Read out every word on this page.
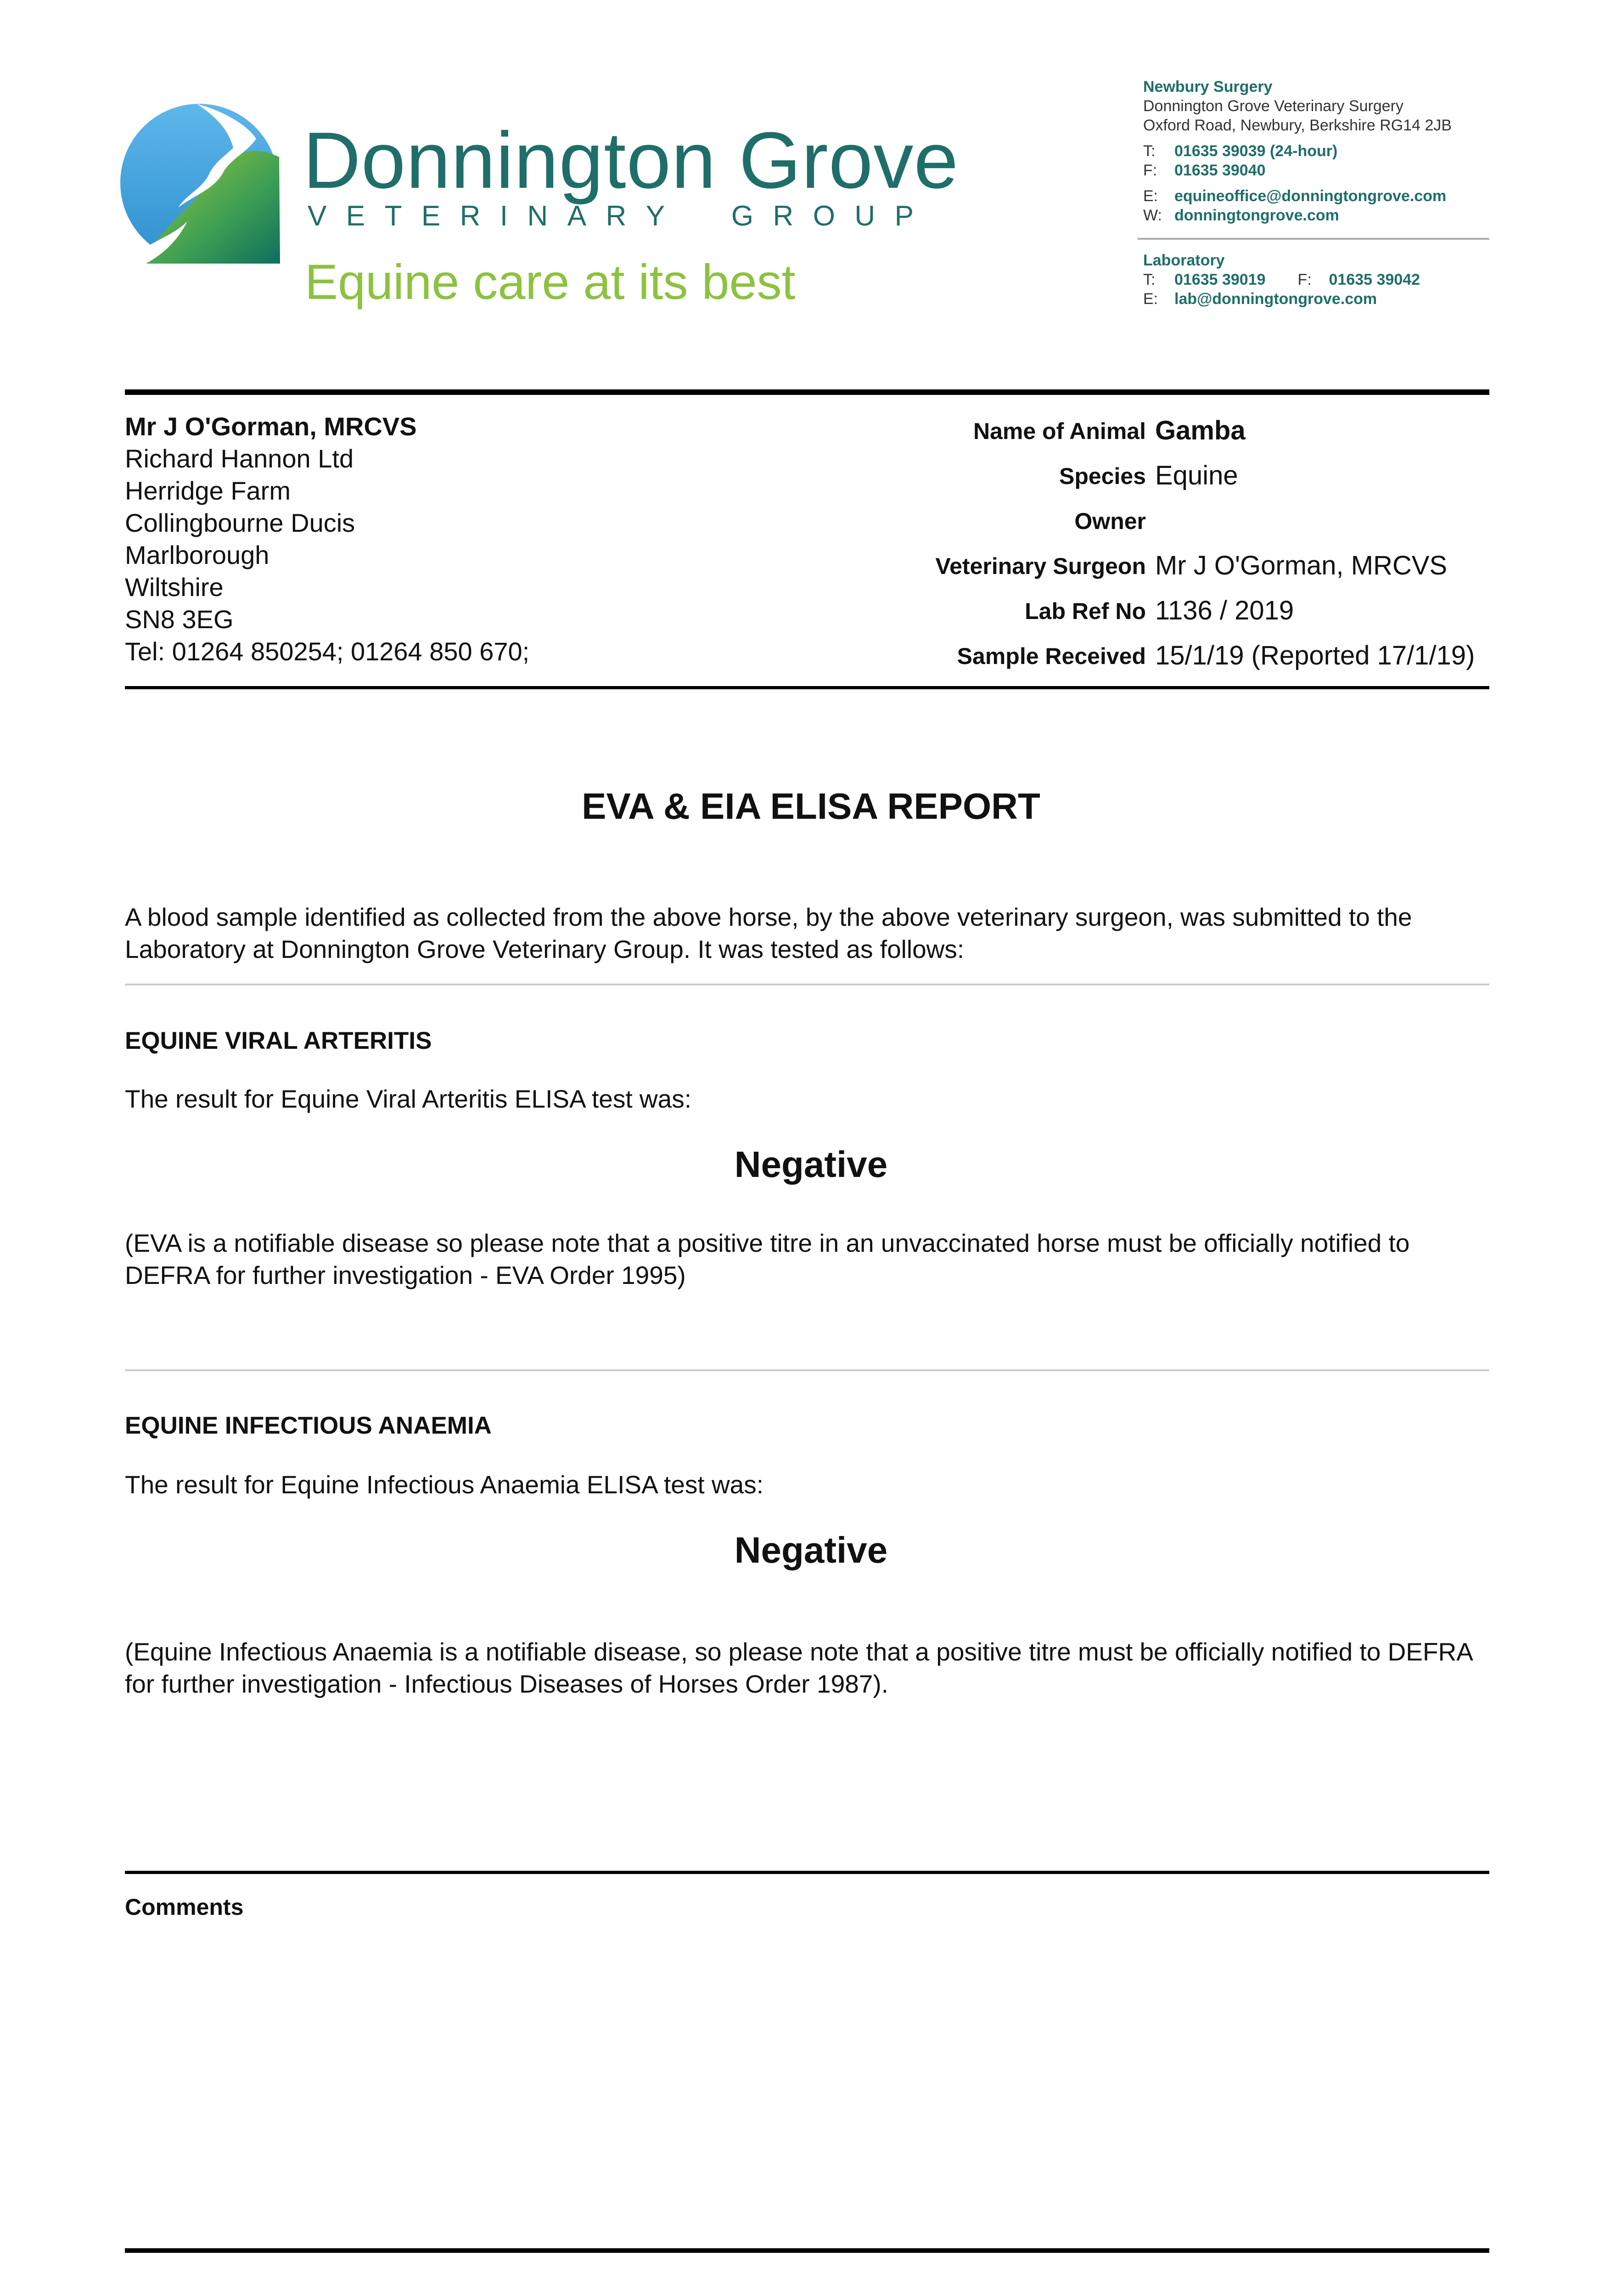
Donnington Grove
V E T E R I N A R Y G R O U P
Equine care at its best
Newbury Surgery
Donnington Grove Veterinary Surgery
Oxford Road, Newbury, Berkshire RG14 2JB
T: 01635 39039 (24-hour)
F: 01635 39040
E: equineoffice@donningtongrove.com
W: donningtongrove.com
Laboratory
T: 01635 39019 F: 01635 39042
E: lab@donningtongrove.com
Mr J O'Gorman, MRCVS
Richard Hannon Ltd
Herridge Farm
Collingbourne Ducis
Marlborough
Wiltshire
SN8 3EG
Tel: 01264 850254; 01264 850 670;
Name of Animal Gamba
Species Equine
Owner
Veterinary Surgeon Mr J O'Gorman, MRCVS
Lab Ref No 1136 / 2019
Sample Received 15/1/19 (Reported 17/1/19)
EVA & EIA ELISA REPORT
A blood sample identified as collected from the above horse, by the above veterinary surgeon, was submitted to the Laboratory at Donnington Grove Veterinary Group. It was tested as follows:
EQUINE VIRAL ARTERITIS
The result for Equine Viral Arteritis ELISA test was:
Negative
(EVA is a notifiable disease so please note that a positive titre in an unvaccinated horse must be officially notified to DEFRA for further investigation - EVA Order 1995)
EQUINE INFECTIOUS ANAEMIA
The result for Equine Infectious Anaemia ELISA test was:
Negative
(Equine Infectious Anaemia is a notifiable disease, so please note that a positive titre must be officially notified to DEFRA for further investigation - Infectious Diseases of Horses Order 1987).
Comments
